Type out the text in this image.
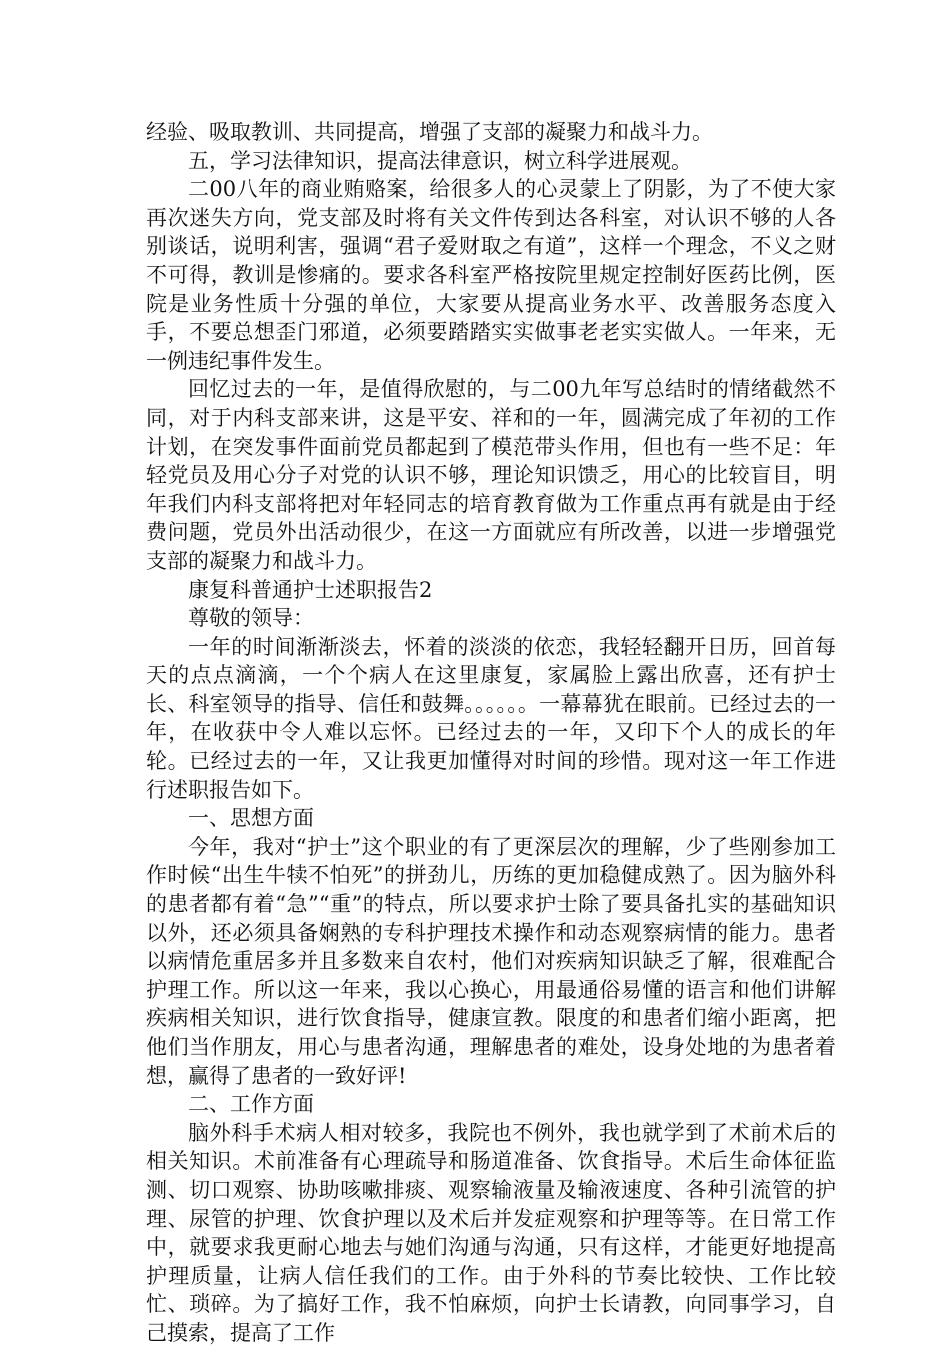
经验、吸取教训、共同提高，增强了支部的凝聚力和战斗力。

五，学习法律知识，提高法律意识，树立科学进展观。

二00八年的商业贿赂案，给很多人的心灵蒙上了阴影，为了不使大家再次迷失方向，党支部及时将有关文件传到达各科室，对认识不够的人各别谈话，说明利害，强调“君子爱财取之有道”，这样一个理念，不义之财不可得，教训是惨痛的。要求各科室严格按院里规定控制好医药比例，医院是业务性质十分强的单位，大家要从提高业务水平、改善服务态度入手，不要总想歪门邪道，必须要踏踏实实做事老老实实做人。一年来，无一例违纪事件发生。

回忆过去的一年，是值得欣慰的，与二00九年写总结时的情绪截然不同，对于内科支部来讲，这是平安、祥和的一年，圆满完成了年初的工作计划，在突发事件面前党员都起到了模范带头作用，但也有一些不足：年轻党员及用心分子对党的认识不够，理论知识馈乏，用心的比较盲目，明年我们内科支部将把对年轻同志的培育教育做为工作重点再有就是由于经费问题，党员外出活动很少，在这一方面就应有所改善，以进一步增强党支部的凝聚力和战斗力。

康复科普通护士述职报告2

尊敬的领导：

一年的时间渐渐淡去，怀着的淡淡的依恋，我轻轻翻开日历，回首每天的点点滴滴，一个个病人在这里康复，家属脸上露出欣喜，还有护士长、科室领导的指导、信任和鼓舞。。。。。。一幕幕犹在眼前。已经过去的一年，在收获中令人难以忘怀。已经过去的一年，又印下个人的成长的年轮。已经过去的一年，又让我更加懂得对时间的珍惜。现对这一年工作进行述职报告如下。

一、思想方面

今年，我对“护士”这个职业的有了更深层次的理解，少了些刚参加工作时候“出生牛犊不怕死”的拼劲儿，历练的更加稳健成熟了。因为脑外科的患者都有着“急”“重”的特点，所以要求护士除了要具备扎实的基础知识以外，还必须具备娴熟的专科护理技术操作和动态观察病情的能力。患者以病情危重居多并且多数来自农村，他们对疾病知识缺乏了解，很难配合护理工作。所以这一年来，我以心换心，用最通俗易懂的语言和他们讲解疾病相关知识，进行饮食指导，健康宣教。限度的和患者们缩小距离，把他们当作朋友，用心与患者沟通，理解患者的难处，设身处地的为患者着想，赢得了患者的一致好评!

二、工作方面

脑外科手术病人相对较多，我院也不例外，我也就学到了术前术后的相关知识。术前准备有心理疏导和肠道准备、饮食指导。术后生命体征监测、切口观察、协助咳嗽排痰、观察输液量及输液速度、各种引流管的护理、尿管的护理、饮食护理以及术后并发症观察和护理等等。在日常工作中，就要求我更耐心地去与她们沟通与沟通，只有这样，才能更好地提高护理质量，让病人信任我们的工作。由于外科的节奏比较快、工作比较忙、琐碎。为了搞好工作，我不怕麻烦，向护士长请教，向同事学习，自己摸索，提高了工作
